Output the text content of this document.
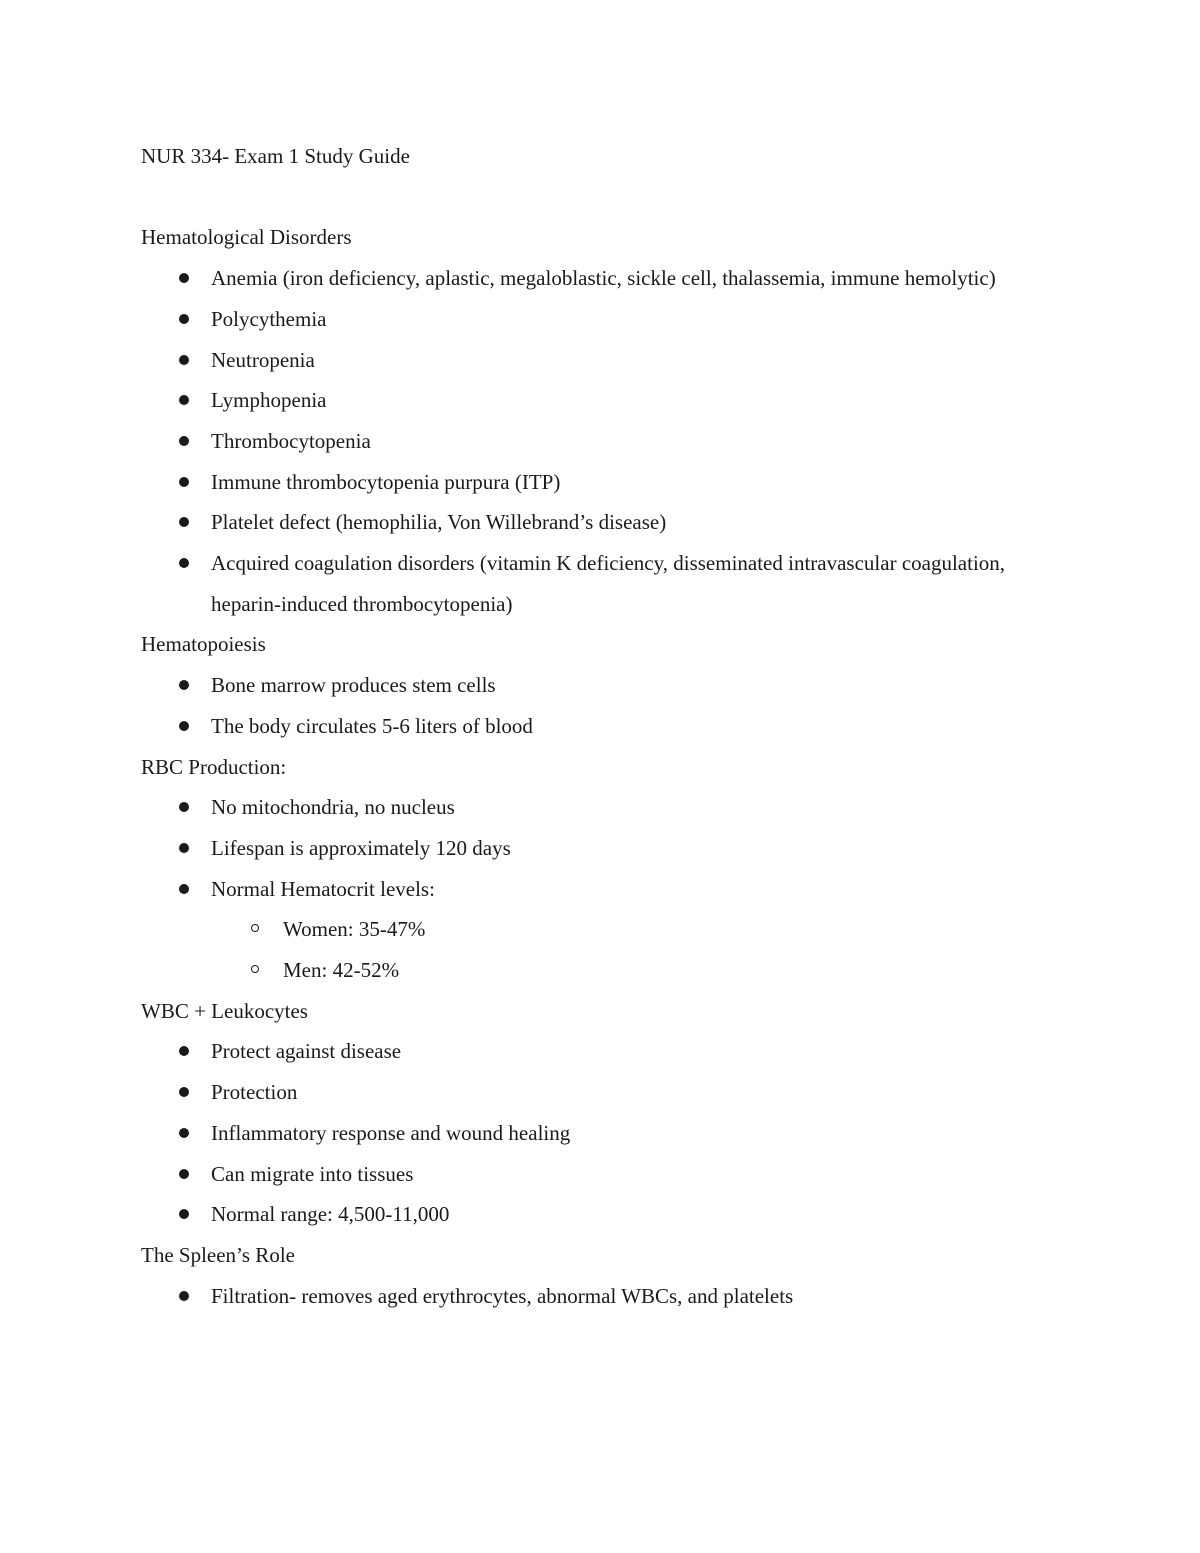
NUR 334- Exam 1 Study Guide

Hematological Disorders

Anemia (iron deficiency, aplastic, megaloblastic, sickle cell, thalassemia, immune hemolytic)
Polycythemia
Neutropenia
Lymphopenia
Thrombocytopenia
Immune thrombocytopenia purpura (ITP)
Platelet defect (hemophilia, Von Willebrand’s disease)
Acquired coagulation disorders (vitamin K deficiency, disseminated intravascular coagulation, heparin-induced thrombocytopenia)

Hematopoiesis

Bone marrow produces stem cells
The body circulates 5-6 liters of blood

RBC Production:

No mitochondria, no nucleus
Lifespan is approximately 120 days
Normal Hematocrit levels:
Women: 35-47%
Men: 42-52%

WBC + Leukocytes

Protect against disease
Protection
Inflammatory response and wound healing
Can migrate into tissues
Normal range: 4,500-11,000

The Spleen’s Role

Filtration- removes aged erythrocytes, abnormal WBCs, and platelets
